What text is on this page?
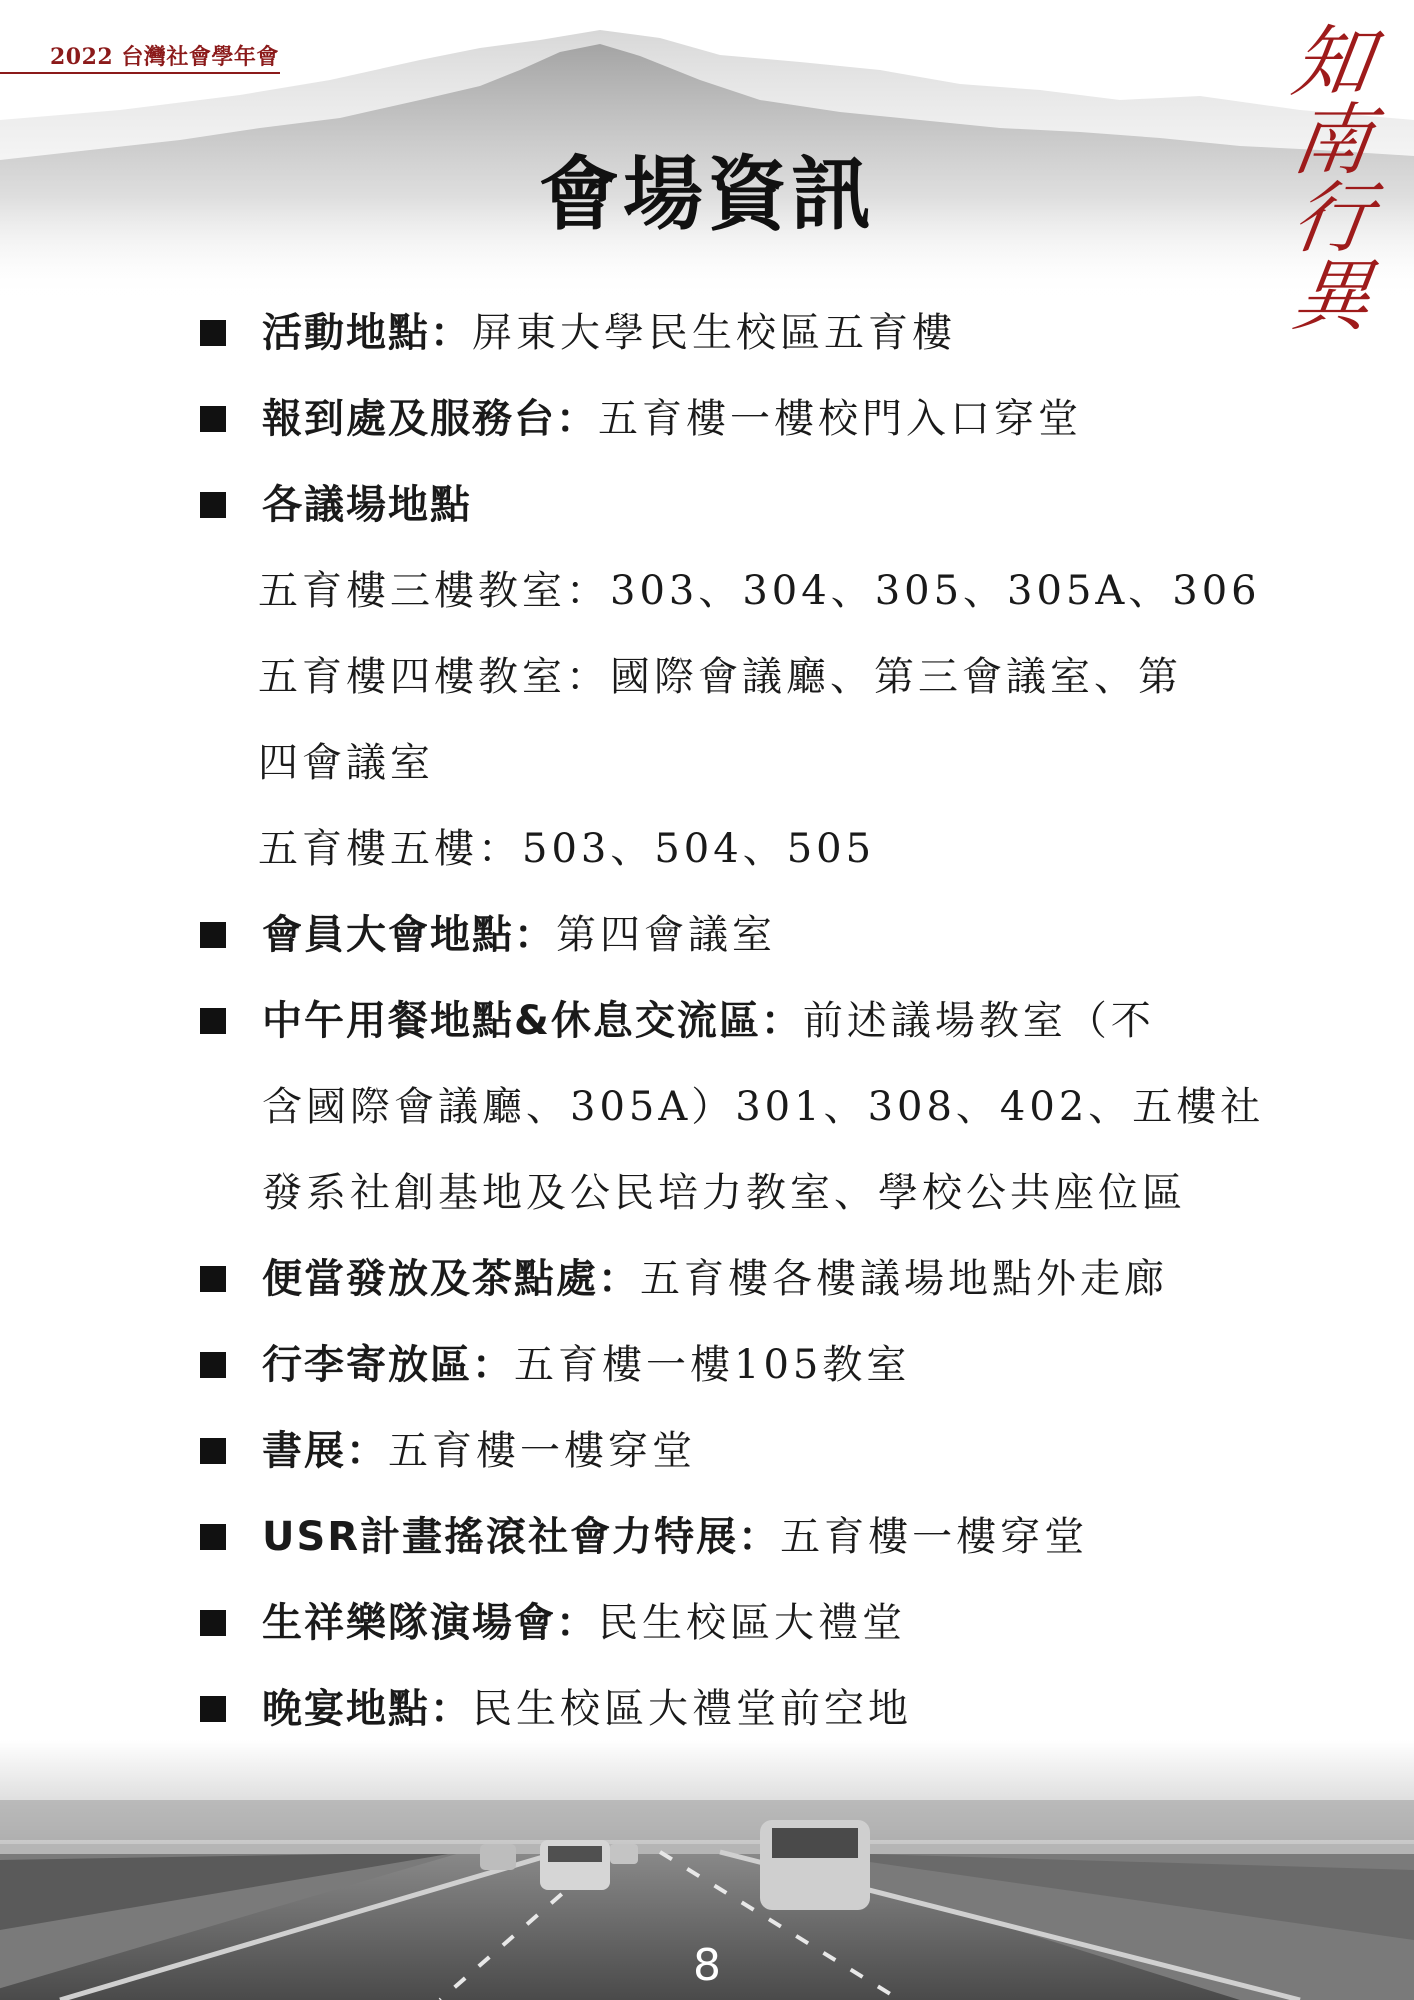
2022 台灣社會學年會	知
南
行
異
會場資訊
活動地點：屏東大學民生校區五育樓
報到處及服務台：五育樓一樓校門入口穿堂
各議場地點
五育樓三樓教室：303、304、305、305A、306
五育樓四樓教室：國際會議廳、第三會議室、第
四會議室
五育樓五樓：503、504、505
會員大會地點：第四會議室
中午用餐地點&休息交流區：前述議場教室（不
含國際會議廳、305A）301、308、402、五樓社
發系社創基地及公民培力教室、學校公共座位區
便當發放及茶點處：五育樓各樓議場地點外走廊
行李寄放區：五育樓一樓105教室
書展：五育樓一樓穿堂
USR計畫搖滾社會力特展：五育樓一樓穿堂
生祥樂隊演場會：民生校區大禮堂
晚宴地點：民生校區大禮堂前空地
8
